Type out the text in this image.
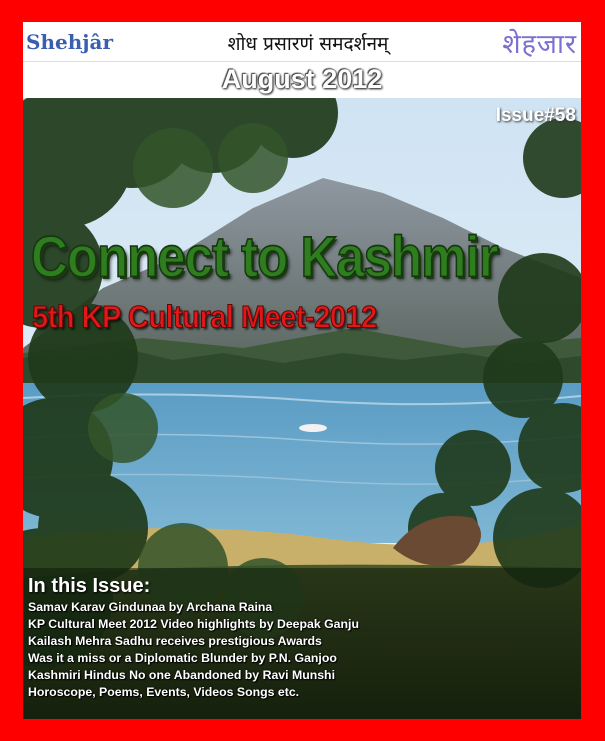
Shehjâr	शोध प्रसारणं समदर्शनम्	शेहजार
August 2012
Issue#58
Connect to Kashmir
5th KP Cultural Meet-2012
In this Issue:
Samav Karav Gindunaa by Archana Raina
KP Cultural Meet 2012 Video highlights by Deepak Ganju
Kailash Mehra Sadhu receives prestigious Awards
Was it a miss or a Diplomatic Blunder by P.N. Ganjoo
Kashmiri Hindus No one Abandoned by Ravi Munshi
Horoscope, Poems, Events, Videos Songs etc.
